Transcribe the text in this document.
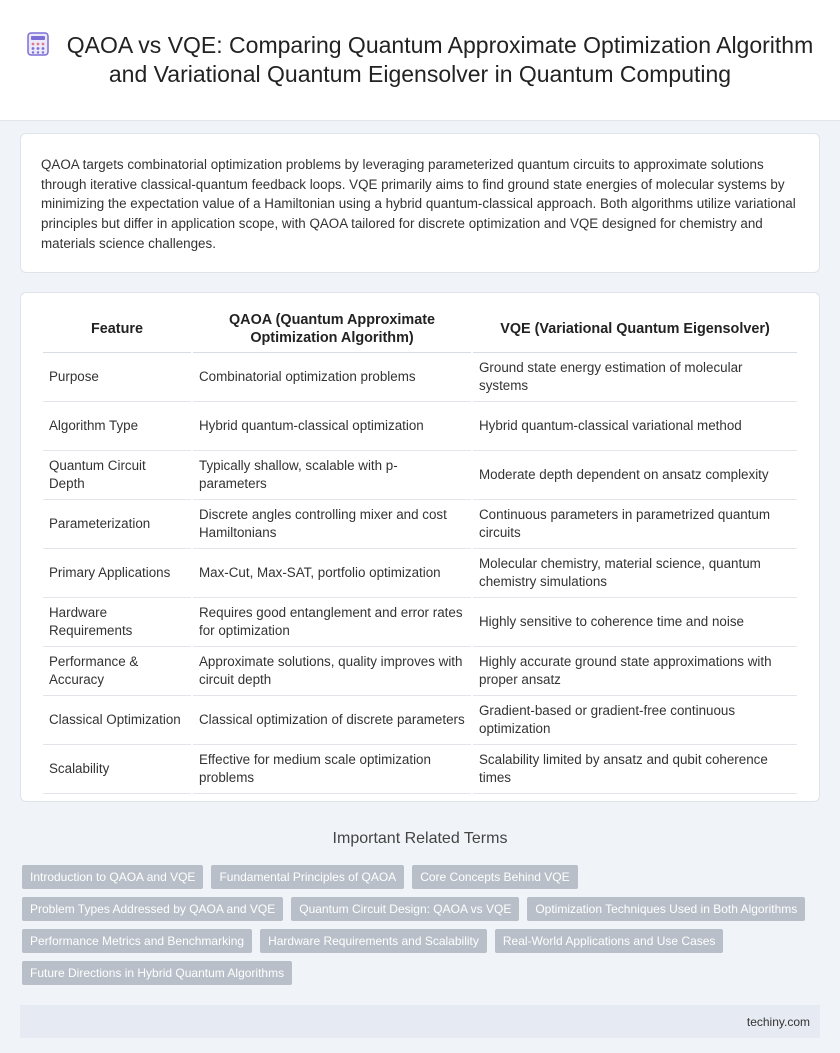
QAOA vs VQE: Comparing Quantum Approximate Optimization Algorithm and Variational Quantum Eigensolver in Quantum Computing

QAOA targets combinatorial optimization problems by leveraging parameterized quantum circuits to approximate solutions through iterative classical-quantum feedback loops. VQE primarily aims to find ground state energies of molecular systems by minimizing the expectation value of a Hamiltonian using a hybrid quantum-classical approach. Both algorithms utilize variational principles but differ in application scope, with QAOA tailored for discrete optimization and VQE designed for chemistry and materials science challenges.

Feature	QAOA (Quantum Approximate Optimization Algorithm)	VQE (Variational Quantum Eigensolver)
Purpose	Combinatorial optimization problems	Ground state energy estimation of molecular systems
Algorithm Type	Hybrid quantum-classical optimization	Hybrid quantum-classical variational method
Quantum Circuit Depth	Typically shallow, scalable with p-parameters	Moderate depth dependent on ansatz complexity
Parameterization	Discrete angles controlling mixer and cost Hamiltonians	Continuous parameters in parametrized quantum circuits
Primary Applications	Max-Cut, Max-SAT, portfolio optimization	Molecular chemistry, material science, quantum chemistry simulations
Hardware Requirements	Requires good entanglement and error rates for optimization	Highly sensitive to coherence time and noise
Performance & Accuracy	Approximate solutions, quality improves with circuit depth	Highly accurate ground state approximations with proper ansatz
Classical Optimization	Classical optimization of discrete parameters	Gradient-based or gradient-free continuous optimization
Scalability	Effective for medium scale optimization problems	Scalability limited by ansatz and qubit coherence times
Important Related Terms
Introduction to QAOA and VQE	Fundamental Principles of QAOA	Core Concepts Behind VQE
Problem Types Addressed by QAOA and VQE	Quantum Circuit Design: QAOA vs VQE	Optimization Techniques Used in Both Algorithms
Performance Metrics and Benchmarking	Hardware Requirements and Scalability	Real-World Applications and Use Cases
Future Directions in Hybrid Quantum Algorithms
techiny.com
